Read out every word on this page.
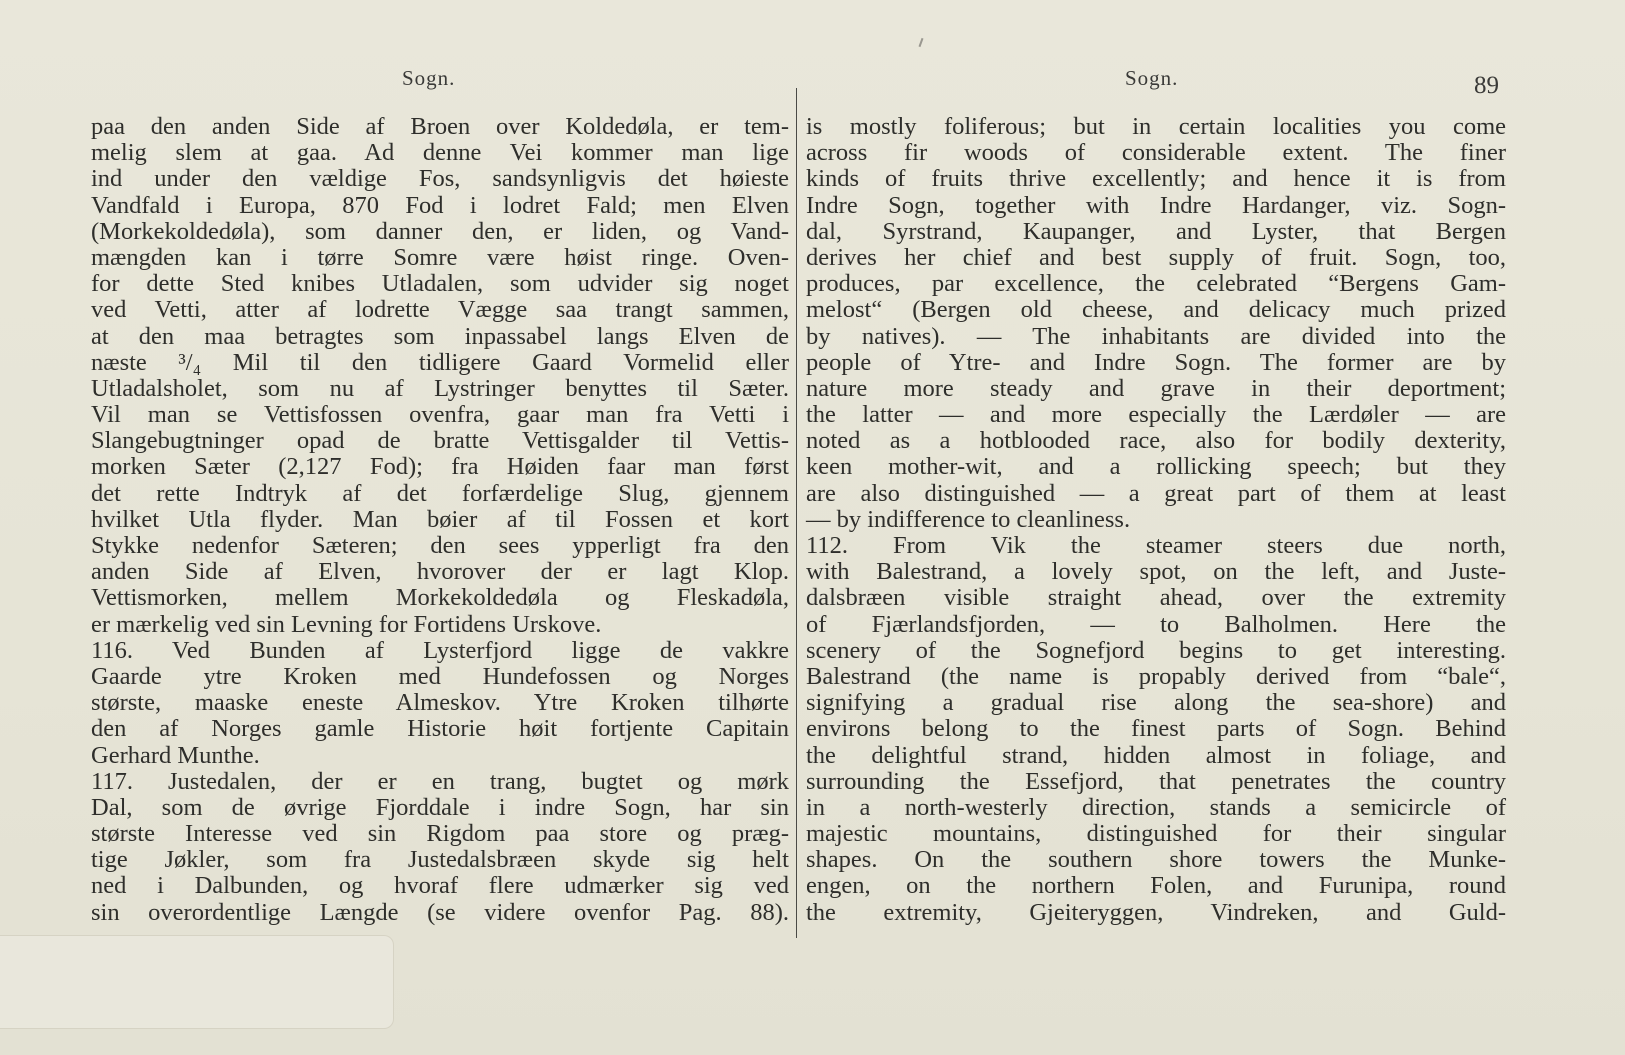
Sogn.	Sogn.	89
paa den anden Side af Broen over Koldedøla, er tem-
melig slem at gaa. Ad denne Vei kommer man lige
ind under den vældige Fos, sandsynligvis det høieste
Vandfald i Europa, 870 Fod i lodret Fald; men Elven
(Morkekoldedøla), som danner den, er liden, og Vand-
mængden kan i tørre Somre være høist ringe. Oven-
for dette Sted knibes Utladalen, som udvider sig noget
ved Vetti, atter af lodrette Vægge saa trangt sammen,
at den maa betragtes som inpassabel langs Elven de
næste ³/₄ Mil til den tidligere Gaard Vormelid eller
Utladalsholet, som nu af Lystringer benyttes til Sæter.
Vil man se Vettisfossen ovenfra, gaar man fra Vetti i
Slangebugtninger opad de bratte Vettisgalder til Vettis-
morken Sæter (2,127 Fod); fra Høiden faar man først
det rette Indtryk af det forfærdelige Slug, gjennem
hvilket Utla flyder. Man bøier af til Fossen et kort
Stykke nedenfor Sæteren; den sees ypperligt fra den
anden Side af Elven, hvorover der er lagt Klop.
Vettismorken, mellem Morkekoldedøla og Fleskadøla,
er mærkelig ved sin Levning for Fortidens Urskove.
116. Ved Bunden af Lysterfjord ligge de vakkre
Gaarde ytre Kroken med Hundefossen og Norges
største, maaske eneste Almeskov. Ytre Kroken tilhørte
den af Norges gamle Historie høit fortjente Capitain
Gerhard Munthe.
117. Justedalen, der er en trang, bugtet og mørk
Dal, som de øvrige Fjorddale i indre Sogn, har sin
største Interesse ved sin Rigdom paa store og præg-
tige Jøkler, som fra Justedalsbræen skyde sig helt
ned i Dalbunden, og hvoraf flere udmærker sig ved
sin overordentlige Længde (se videre ovenfor Pag. 88).
is mostly foliferous; but in certain localities you come
across fir woods of considerable extent. The finer
kinds of fruits thrive excellently; and hence it is from
Indre Sogn, together with Indre Hardanger, viz. Sogn-
dal, Syrstrand, Kaupanger, and Lyster, that Bergen
derives her chief and best supply of fruit. Sogn, too,
produces, par excellence, the celebrated “Bergens Gam-
melost“ (Bergen old cheese, and delicacy much prized
by natives). — The inhabitants are divided into the
people of Ytre- and Indre Sogn. The former are by
nature more steady and grave in their deportment;
the latter — and more especially the Lærdøler — are
noted as a hotblooded race, also for bodily dexterity,
keen mother-wit, and a rollicking speech; but they
are also distinguished — a great part of them at least
— by indifference to cleanliness.
112. From Vik the steamer steers due north,
with Balestrand, a lovely spot, on the left, and Juste-
dalsbræen visible straight ahead, over the extremity
of Fjærlandsfjorden, — to Balholmen. Here the
scenery of the Sognefjord begins to get interesting.
Balestrand (the name is propably derived from “bale“,
signifying a gradual rise along the sea-shore) and
environs belong to the finest parts of Sogn. Behind
the delightful strand, hidden almost in foliage, and
surrounding the Essefjord, that penetrates the country
in a north-westerly direction, stands a semicircle of
majestic mountains, distinguished for their singular
shapes. On the southern shore towers the Munke-
engen, on the northern Folen, and Furunipa, round
the extremity, Gjeiteryggen, Vindreken, and Guld-
